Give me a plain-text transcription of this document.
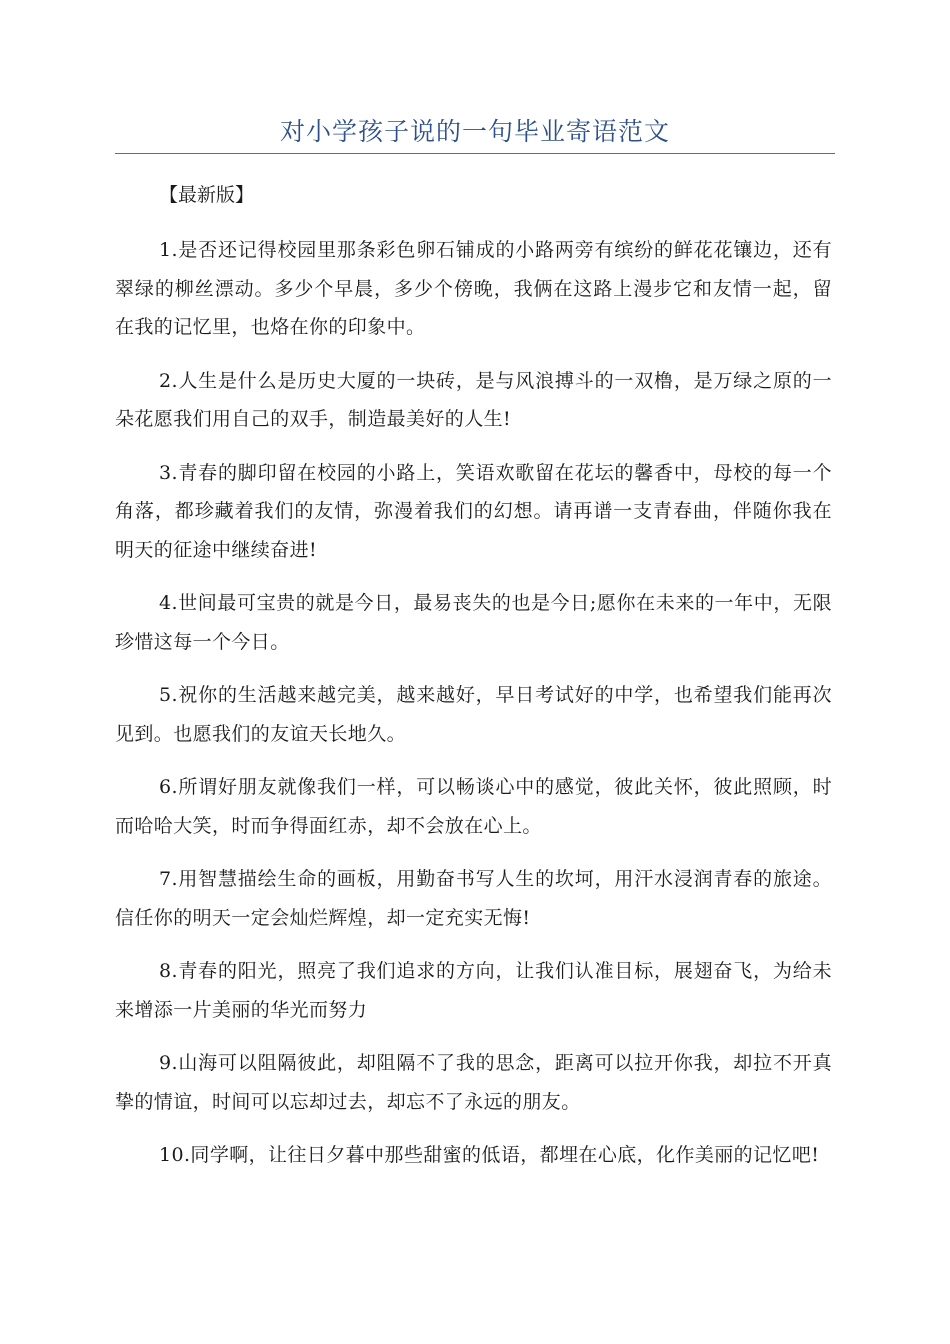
对小学孩子说的一句毕业寄语范文

【最新版】

1.是否还记得校园里那条彩色卵石铺成的小路两旁有缤纷的鲜花花镶边，还有翠绿的柳丝漂动。多少个早晨，多少个傍晚，我俩在这路上漫步它和友情一起，留在我的记忆里，也烙在你的印象中。

2.人生是什么是历史大厦的一块砖，是与风浪搏斗的一双橹，是万绿之原的一朵花愿我们用自己的双手，制造最美好的人生!

3.青春的脚印留在校园的小路上，笑语欢歌留在花坛的馨香中，母校的每一个角落，都珍藏着我们的友情，弥漫着我们的幻想。请再谱一支青春曲，伴随你我在明天的征途中继续奋进!

4.世间最可宝贵的就是今日，最易丧失的也是今日;愿你在未来的一年中，无限珍惜这每一个今日。

5.祝你的生活越来越完美，越来越好，早日考试好的中学，也希望我们能再次见到。也愿我们的友谊天长地久。

6.所谓好朋友就像我们一样，可以畅谈心中的感觉，彼此关怀，彼此照顾，时而哈哈大笑，时而争得面红赤，却不会放在心上。

7.用智慧描绘生命的画板，用勤奋书写人生的坎坷，用汗水浸润青春的旅途。信任你的明天一定会灿烂辉煌，却一定充实无悔!

8.青春的阳光，照亮了我们追求的方向，让我们认准目标，展翅奋飞，为给未来增添一片美丽的华光而努力

9.山海可以阻隔彼此，却阻隔不了我的思念，距离可以拉开你我，却拉不开真挚的情谊，时间可以忘却过去，却忘不了永远的朋友。

10.同学啊，让往日夕暮中那些甜蜜的低语，都埋在心底，化作美丽的记忆吧!
